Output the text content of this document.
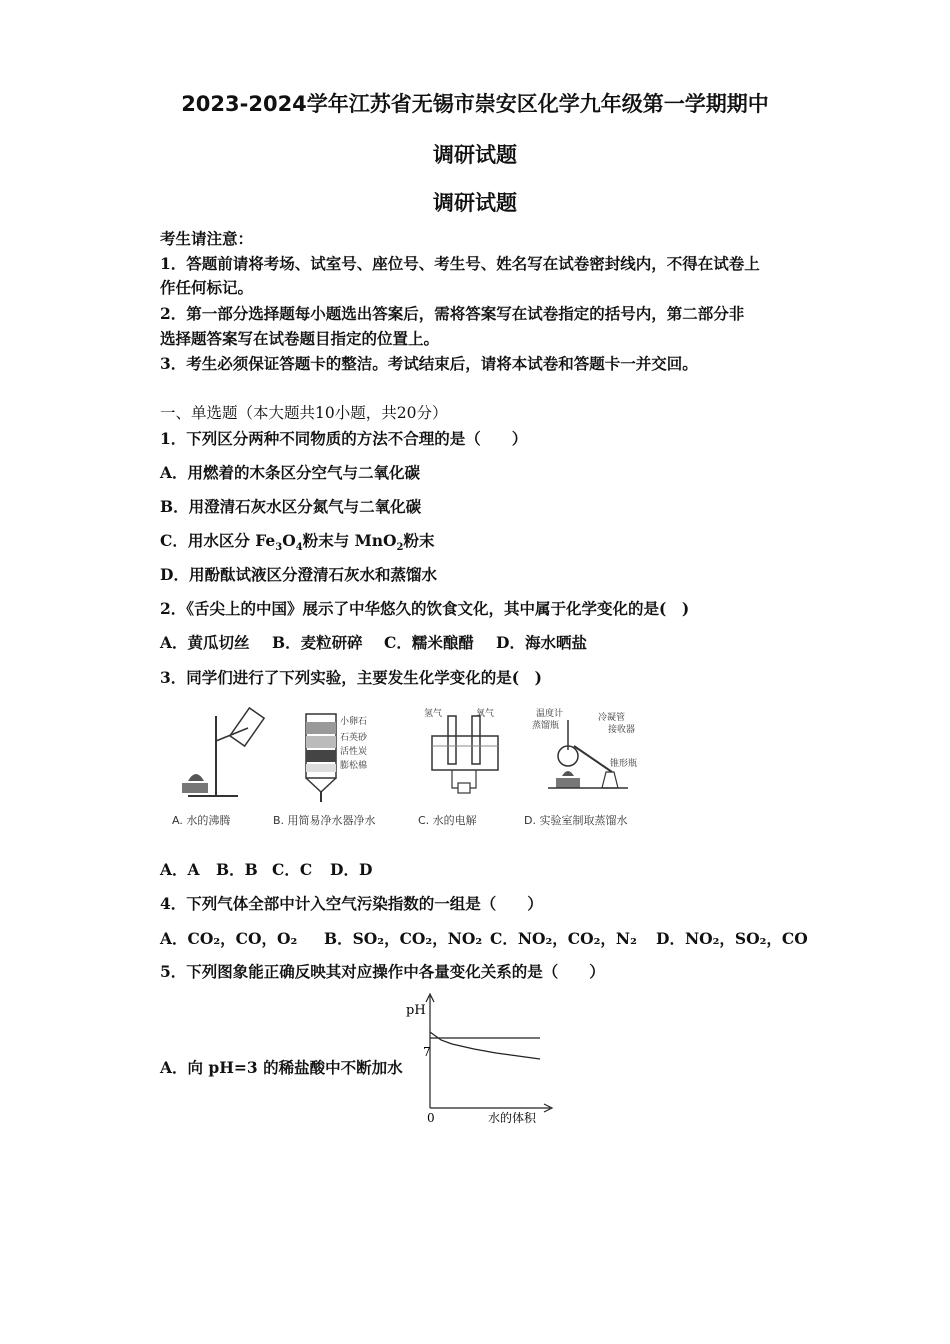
2023-2024学年江苏省无锡市崇安区化学九年级第一学期期中
调研试题
调研试题
考生请注意：
1．答题前请将考场、试室号、座位号、考生号、姓名写在试卷密封线内，不得在试卷上
作任何标记。
2．第一部分选择题每小题选出答案后，需将答案写在试卷指定的括号内，第二部分非
选择题答案写在试卷题目指定的位置上。
3．考生必须保证答题卡的整洁。考试结束后，请将本试卷和答题卡一并交回。
一、单选题（本大题共10小题，共20分）
1．下列区分两种不同物质的方法不合理的是（　　）
A．用燃着的木条区分空气与二氧化碳
B．用澄清石灰水区分氮气与二氧化碳
C．用水区分 $Fe_3O_4$粉末与 MnO$_2$粉末
D．用酚酞试液区分澄清石灰水和蒸馏水
2．《舌尖上的中国》展示了中华悠久的饮食文化，其中属于化学变化的是(　)
A．黄瓜切丝 B．麦粒研碎 C．糯米酿醋 D．海水晒盐
3．同学们进行了下列实验，主要发生化学变化的是(　)
A. 水的沸腾
小卵石
石英砂
活性炭
膨松棉
B. 用简易净水器净水
氢气	氧气
C. 水的电解
温度计
蒸馏瓶
冷凝管
接收器
锥形瓶
D. 实验室制取蒸馏水
A．A B．B C．C D．D
4．下列气体全部中计入空气污染指数的一组是（　　）
A．CO₂，CO，O₂ B．SO₂，CO₂，NO₂ C．NO₂，CO₂，N₂ D．NO₂，SO₂，CO
5．下列图象能正确反映其对应操作中各量变化关系的是（　　）
A．向 pH=3 的稀盐酸中不断加水
pH
0	水的体积
7
